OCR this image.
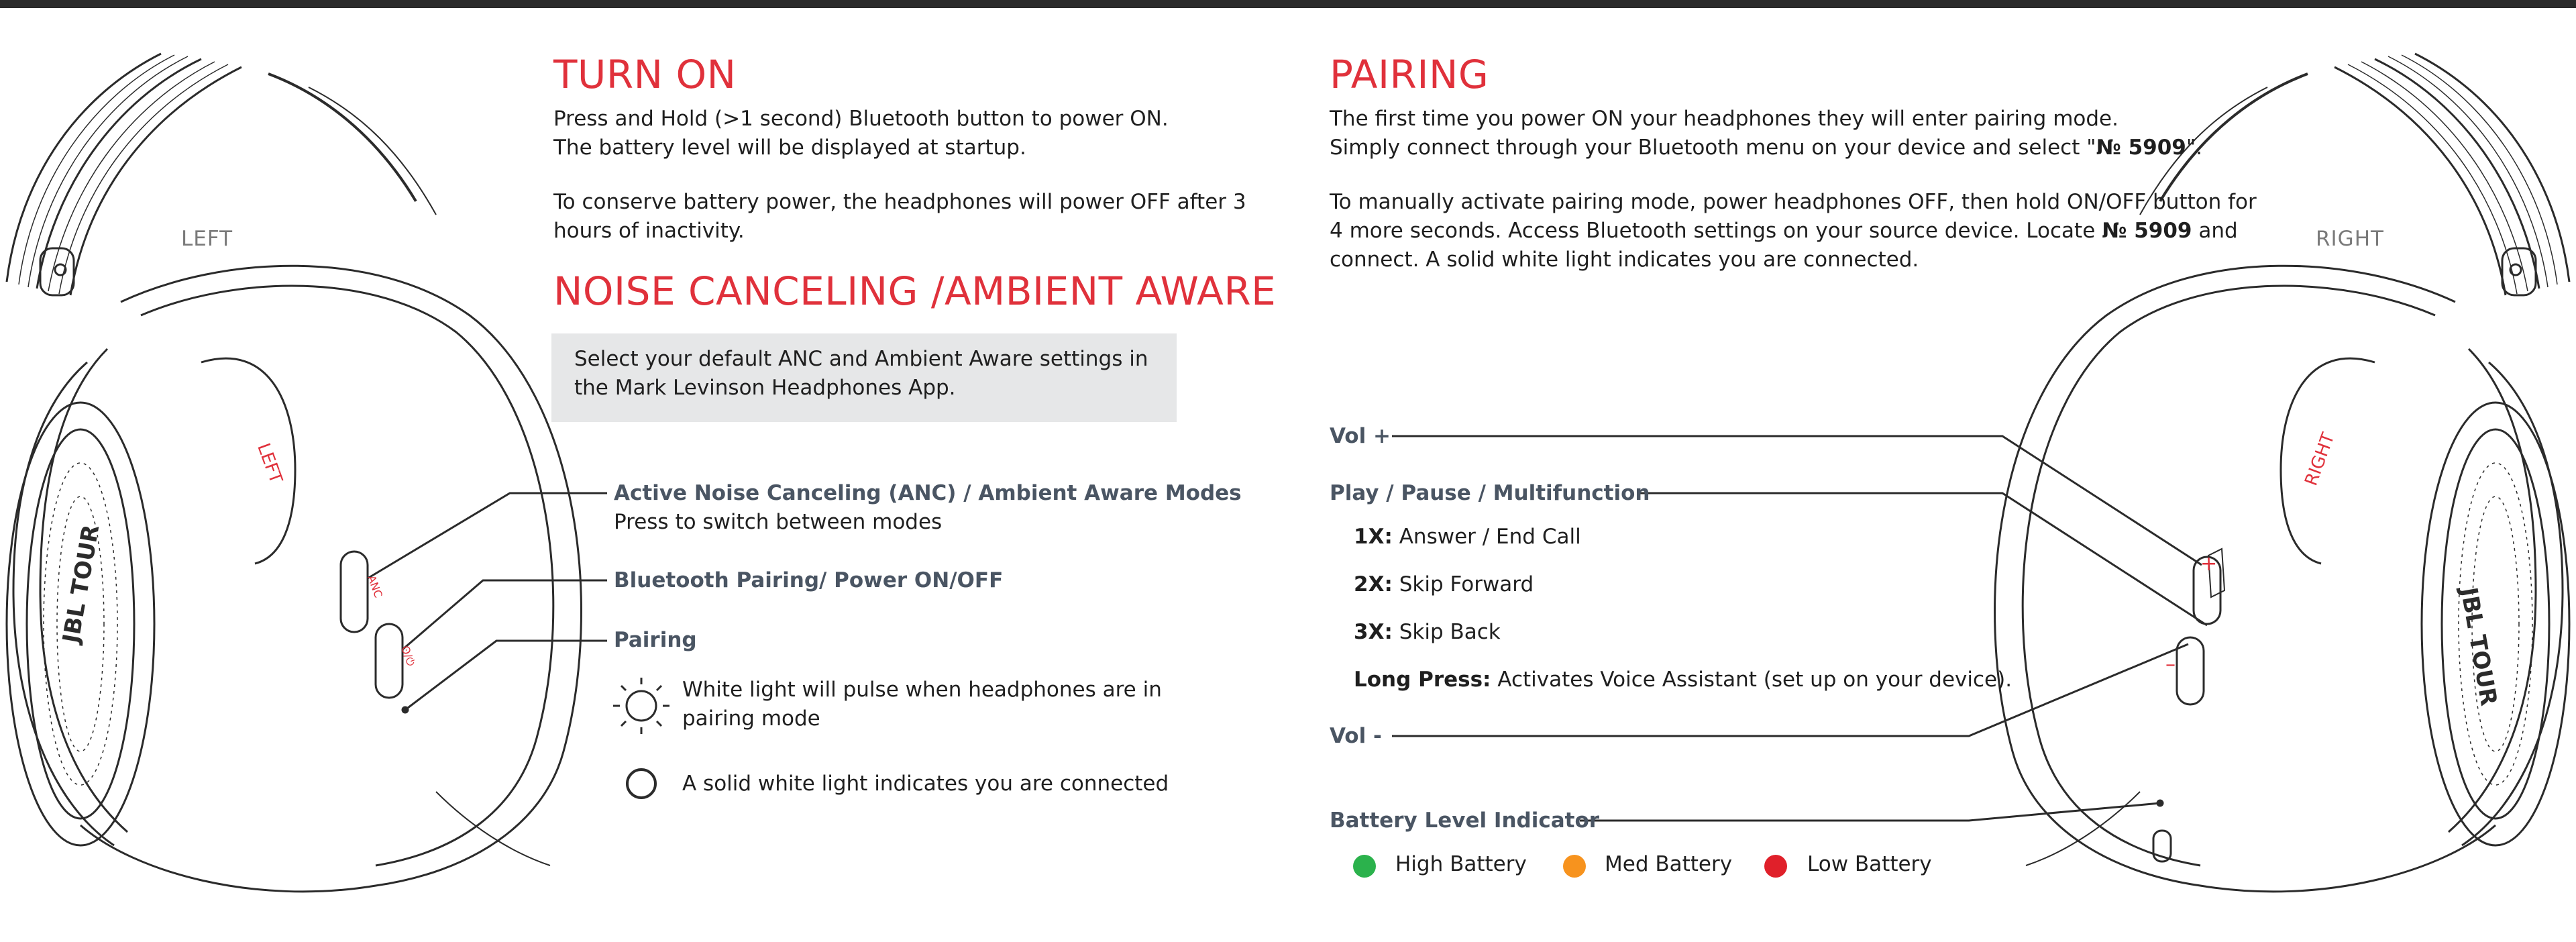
LEFT	RIGHT
ANC
ʘ/⏻
+
–
JBL TOUR
JBL TOUR
LEFT	RIGHT
TURN ON

Press and Hold (>1 second) Bluetooth button to power ON.

The battery level will be displayed at startup.

To conserve battery power, the headphones will power OFF after 3

hours of inactivity.

NOISE CANCELING /AMBIENT AWARE

Select your default ANC and Ambient Aware settings in

the Mark Levinson Headphones App.

Active Noise Canceling (ANC) / Ambient Aware Modes
Press to switch between modes
Bluetooth Pairing/ Power ON/OFF
Pairing
White light will pulse when headphones are in
pairing mode
A solid white light indicates you are connected
PAIRING

The first time you power ON your headphones they will enter pairing mode.

Simply connect through your Bluetooth menu on your device and select "№ 5909".

To manually activate pairing mode, power headphones OFF, then hold ON/OFF button for

4 more seconds. Access Bluetooth settings on your source device. Locate № 5909 and

connect. A solid white light indicates you are connected.

Vol +
Play / Pause / Multifunction
1X: Answer / End Call
2X: Skip Forward
3X: Skip Back
Long Press: Activates Voice Assistant (set up on your device).
Vol -
Battery Level Indicator
High Battery	Med Battery	Low Battery
